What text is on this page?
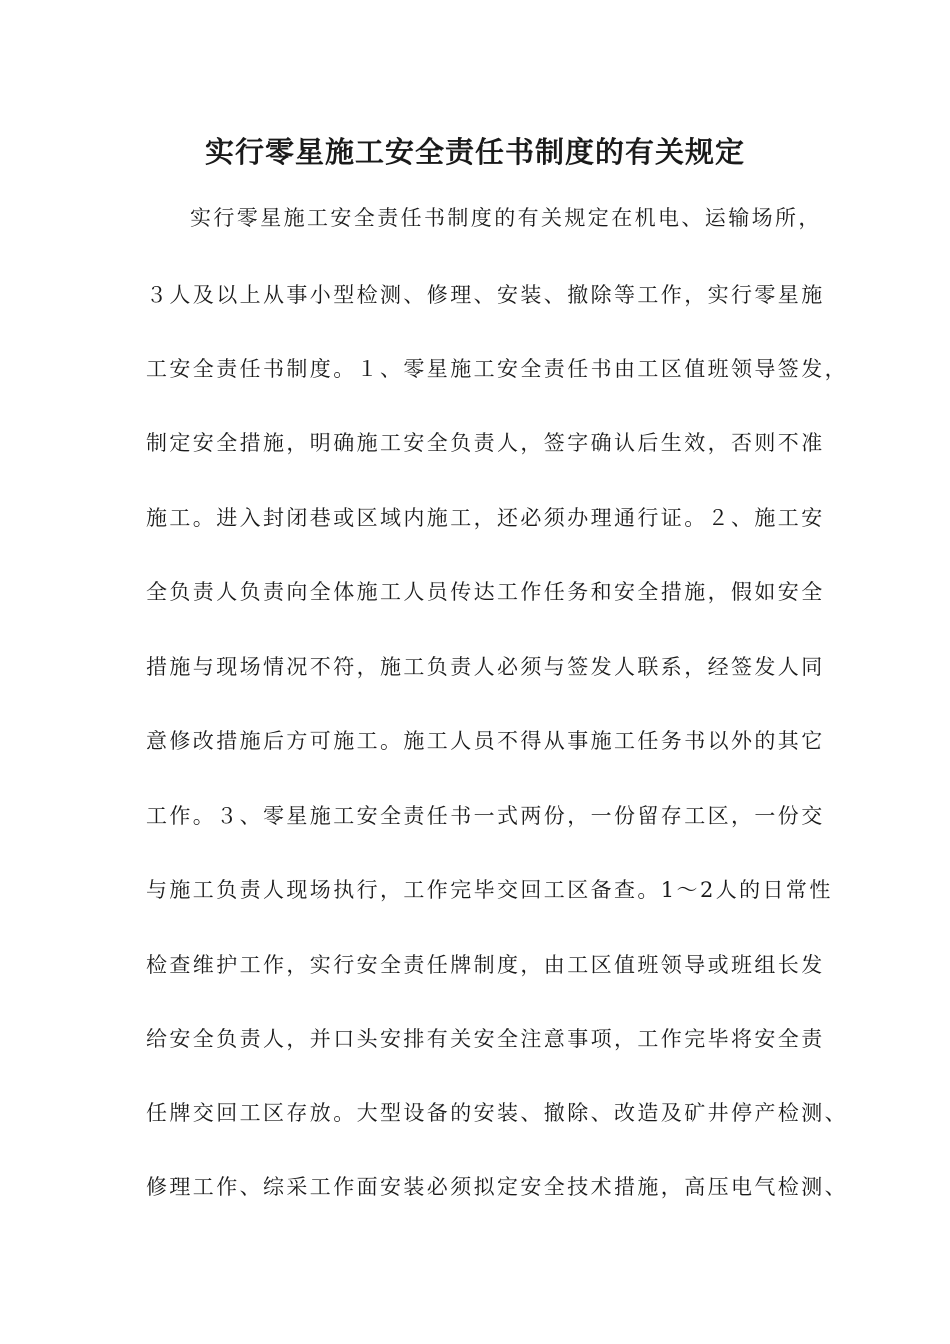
实行零星施工安全责任书制度的有关规定

实行零星施工安全责任书制度的有关规定在机电、运输场所，

３人及以上从事小型检测、修理、安装、撤除等工作，实行零星施

工安全责任书制度。１、零星施工安全责任书由工区值班领导签发，

制定安全措施，明确施工安全负责人，签字确认后生效，否则不准

施工。进入封闭巷或区域内施工，还必须办理通行证。２、施工安

全负责人负责向全体施工人员传达工作任务和安全措施，假如安全

措施与现场情况不符，施工负责人必须与签发人联系，经签发人同

意修改措施后方可施工。施工人员不得从事施工任务书以外的其它

工作。３、零星施工安全责任书一式两份，一份留存工区，一份交

与施工负责人现场执行，工作完毕交回工区备查。1～2人的日常性

检查维护工作，实行安全责任牌制度，由工区值班领导或班组长发

给安全负责人，并口头安排有关安全注意事项，工作完毕将安全责

任牌交回工区存放。大型设备的安装、撤除、改造及矿井停产检测、

修理工作、综采工作面安装必须拟定安全技术措施，高压电气检测、
